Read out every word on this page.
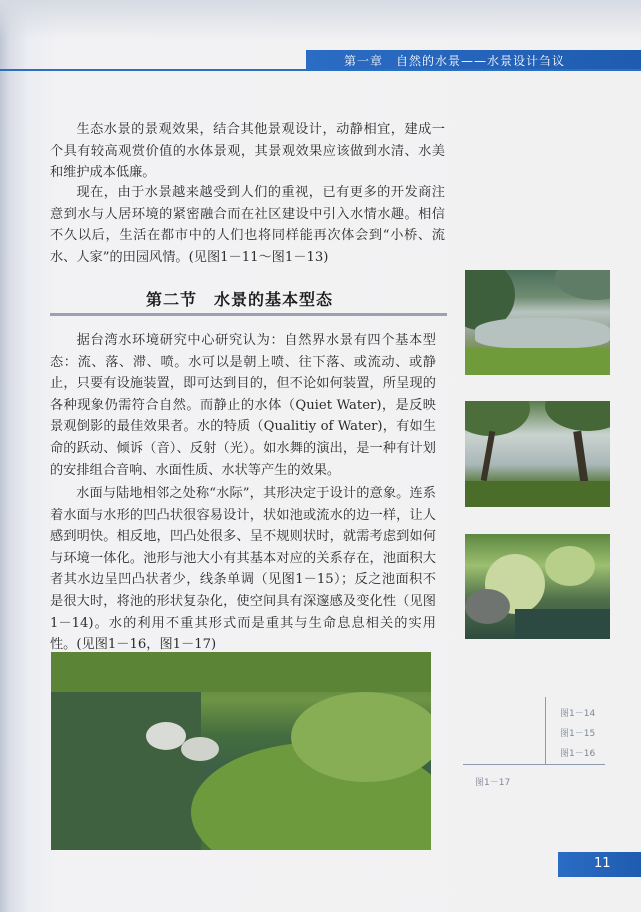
第一章　自然的水景——水景设计刍议

生态水景的景观效果，结合其他景观设计，动静相宜，建成一个具有较高观赏价值的水体景观，其景观效果应该做到水清、水美和维护成本低廉。

现在，由于水景越来越受到人们的重视，已有更多的开发商注意到水与人居环境的紧密融合而在社区建设中引入水情水趣。相信不久以后，生活在都市中的人们也将同样能再次体会到“小桥、流水、人家”的田园风情。(见图1－11～图1－13)

第二节　水景的基本型态

据台湾水环境研究中心研究认为：自然界水景有四个基本型态：流、落、滞、喷。水可以是朝上喷、往下落、或流动、或静止，只要有设施装置，即可达到目的，但不论如何装置，所呈现的各种现象仍需符合自然。而静止的水体（Quiet Water)，是反映景观倒影的最佳效果者。水的特质（Qualitiy of Water)，有如生命的跃动、倾诉（音）、反射（光）。如水舞的演出，是一种有计划的安排组合音响、水面性质、水状等产生的效果。

水面与陆地相邻之处称“水际”，其形决定于设计的意象。连系着水面与水形的凹凸状很容易设计，状如池或流水的边一样，让人感到明快。相反地，凹凸处很多、呈不规则状时，就需考虑到如何与环境一体化。池形与池大小有其基本对应的关系存在，池面积大者其水边呈凹凸状者少，线条单调（见图1－15）；反之池面积不是很大时，将池的形状复杂化，使空间具有深邃感及变化性（见图1－14)。水的利用不重其形式而是重其与生命息息相关的实用性。(见图1－16，图1－17)

图1－14
图1－15
图1－16
图1－17
11
